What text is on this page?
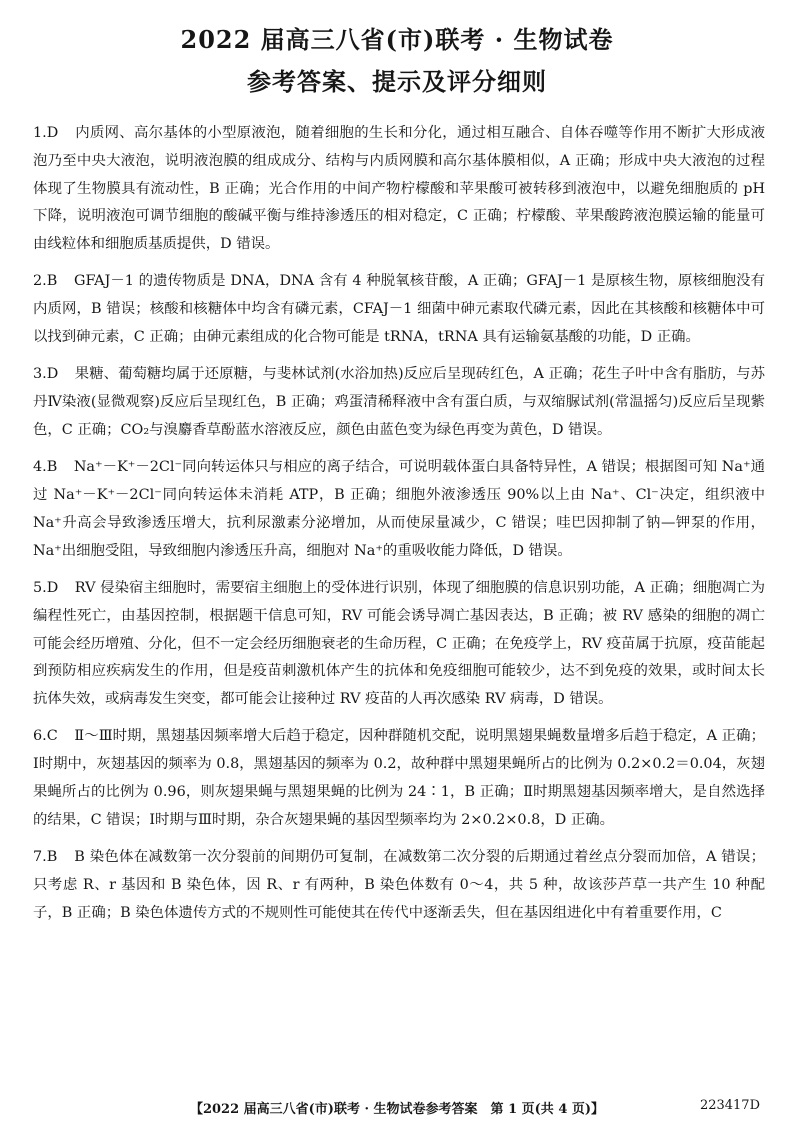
2022 届高三八省(市)联考 · 生物试卷
参考答案、提示及评分细则

1.D　 内质网、高尔基体的小型原液泡，随着细胞的生长和分化，通过相互融合、自体吞噬等作用不断扩大形成液泡乃至中央大液泡，说明液泡膜的组成成分、结构与内质网膜和高尔基体膜相似，A 正确；形成中央大液泡的过程体现了生物膜具有流动性，B 正确；光合作用的中间产物柠檬酸和苹果酸可被转移到液泡中，以避免细胞质的 pH 下降，说明液泡可调节细胞的酸碱平衡与维持渗透压的相对稳定，C 正确；柠檬酸、苹果酸跨液泡膜运输的能量可由线粒体和细胞质基质提供，D 错误。

2.B　 GFAJ－1 的遗传物质是 DNA，DNA 含有 4 种脱氧核苷酸，A 正确；GFAJ－1 是原核生物，原核细胞没有内质网，B 错误；核酸和核糖体中均含有磷元素，CFAJ－1 细菌中砷元素取代磷元素，因此在其核酸和核糖体中可以找到砷元素，C 正确；由砷元素组成的化合物可能是 tRNA，tRNA 具有运输氨基酸的功能，D 正确。

3.D　 果糖、葡萄糖均属于还原糖，与斐林试剂(水浴加热)反应后呈现砖红色，A 正确；花生子叶中含有脂肪，与苏丹Ⅳ染液(显微观察)反应后呈现红色，B 正确；鸡蛋清稀释液中含有蛋白质，与双缩脲试剂(常温摇匀)反应后呈现紫色，C 正确；CO₂与溴麝香草酚蓝水溶液反应，颜色由蓝色变为绿色再变为黄色，D 错误。

4.B　 Na⁺－K⁺－2Cl⁻同向转运体只与相应的离子结合，可说明载体蛋白具备特异性，A 错误；根据图可知 Na⁺通过 Na⁺－K⁺－2Cl⁻同向转运体未消耗 ATP，B 正确；细胞外液渗透压 90%以上由 Na⁺、Cl⁻决定，组织液中 Na⁺升高会导致渗透压增大，抗利尿激素分泌增加，从而使尿量减少，C 错误；哇巴因抑制了钠—钾泵的作用，Na⁺出细胞受阻，导致细胞内渗透压升高，细胞对 Na⁺的重吸收能力降低，D 错误。

5.D　 RV 侵染宿主细胞时，需要宿主细胞上的受体进行识别，体现了细胞膜的信息识别功能，A 正确；细胞凋亡为编程性死亡，由基因控制，根据题干信息可知，RV 可能会诱导凋亡基因表达，B 正确；被 RV 感染的细胞的凋亡可能会经历增殖、分化，但不一定会经历细胞衰老的生命历程，C 正确；在免疫学上，RV 疫苗属于抗原，疫苗能起到预防相应疾病发生的作用，但是疫苗刺激机体产生的抗体和免疫细胞可能较少，达不到免疫的效果，或时间太长抗体失效，或病毒发生突变，都可能会让接种过 RV 疫苗的人再次感染 RV 病毒，D 错误。

6.C　 Ⅱ～Ⅲ时期，黑翅基因频率增大后趋于稳定，因种群随机交配，说明黑翅果蝇数量增多后趋于稳定，A 正确；Ⅰ时期中，灰翅基因的频率为 0.8，黑翅基因的频率为 0.2，故种群中黑翅果蝇所占的比例为 0.2×0.2＝0.04，灰翅果蝇所占的比例为 0.96，则灰翅果蝇与黑翅果蝇的比例为 24∶1，B 正确；Ⅱ时期黑翅基因频率增大，是自然选择的结果，C 错误；Ⅰ时期与Ⅲ时期，杂合灰翅果蝇的基因型频率均为 2×0.2×0.8，D 正确。

7.B　 B 染色体在减数第一次分裂前的间期仍可复制，在减数第二次分裂的后期通过着丝点分裂而加倍，A 错误；只考虑 R、r 基因和 B 染色体，因 R、r 有两种，B 染色体数有 0～4，共 5 种，故该莎芦草一共产生 10 种配子，B 正确；B 染色体遗传方式的不规则性可能使其在传代中逐渐丢失，但在基因组进化中有着重要作用，C

【2022 届高三八省(市)联考 · 生物试卷参考答案　第 1 页(共 4 页)】	223417D
